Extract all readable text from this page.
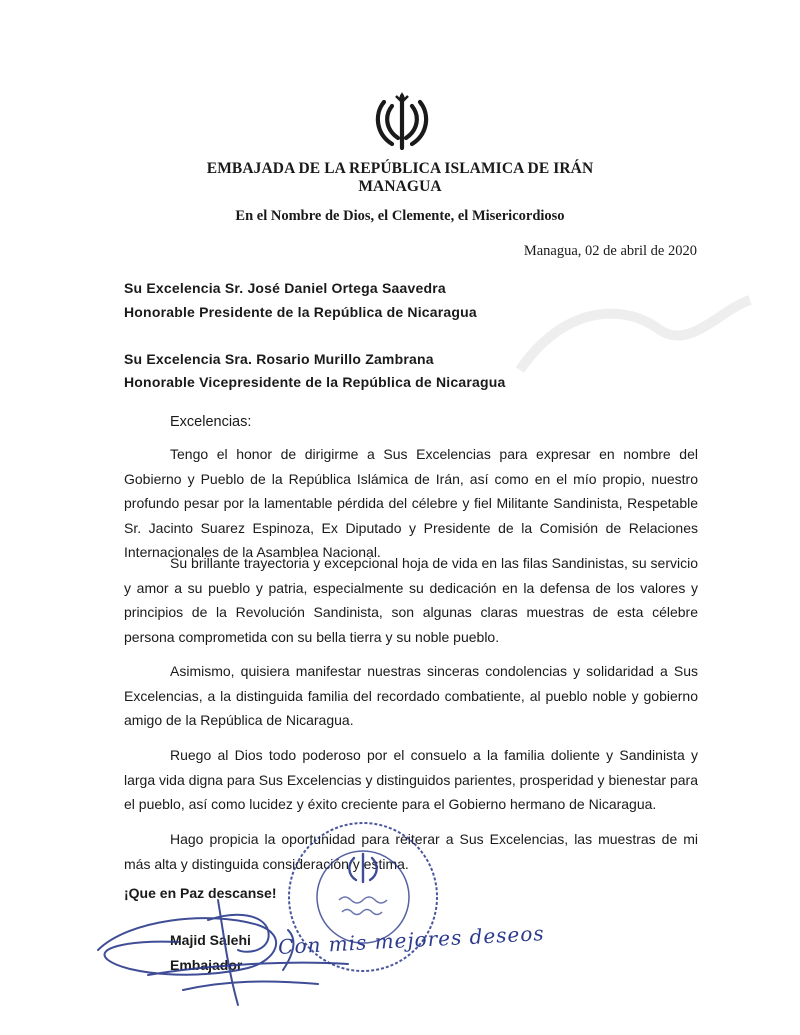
EMBAJADA DE LA REPÚBLICA ISLAMICA DE IRÁN
MANAGUA
En el Nombre de Dios, el Clemente, el Misericordioso
Managua, 02 de abril de 2020
Su Excelencia Sr. José Daniel Ortega Saavedra
Honorable Presidente de la República de Nicaragua
Su Excelencia Sra. Rosario Murillo Zambrana
Honorable Vicepresidente de la República de Nicaragua
Excelencias:

Tengo el honor de dirigirme a Sus Excelencias para expresar en nombre del Gobierno y Pueblo de la República Islámica de Irán, así como en el mío propio, nuestro profundo pesar por la lamentable pérdida del célebre y fiel Militante Sandinista, Respetable Sr. Jacinto Suarez Espinoza, Ex Diputado y Presidente de la Comisión de Relaciones Internacionales de la Asamblea Nacional.

Su brillante trayectoria y excepcional hoja de vida en las filas Sandinistas, su servicio y amor a su pueblo y patria, especialmente su dedicación en la defensa de los valores y principios de la Revolución Sandinista, son algunas claras muestras de esta célebre persona comprometida con su bella tierra y su noble pueblo.

Asimismo, quisiera manifestar nuestras sinceras condolencias y solidaridad a Sus Excelencias, a la distinguida familia del recordado combatiente, al pueblo noble y gobierno amigo de la República de Nicaragua.

Ruego al Dios todo poderoso por el consuelo a la familia doliente y Sandinista y larga vida digna para Sus Excelencias y distinguidos parientes, prosperidad y bienestar para el pueblo, así como lucidez y éxito creciente para el Gobierno hermano de Nicaragua.

Hago propicia la oportunidad para reiterar a Sus Excelencias, las muestras de mi más alta y distinguida consideración y estima.

¡Que en Paz descanse!
Majid Salehi
Embajador
Con mis mejores deseos
